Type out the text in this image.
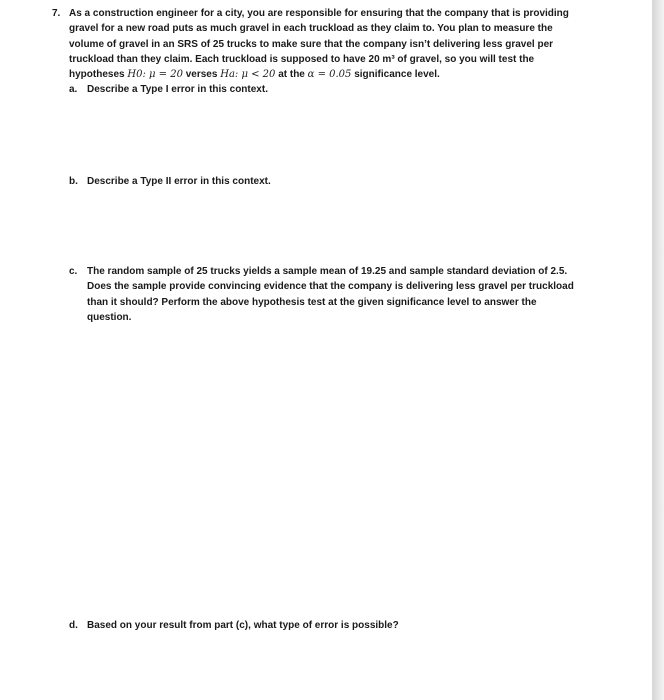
7. As a construction engineer for a city, you are responsible for ensuring that the company that is providing
gravel for a new road puts as much gravel in each truckload as they claim to. You plan to measure the
volume of gravel in an SRS of 25 trucks to make sure that the company isn’t delivering less gravel per
truckload than they claim. Each truckload is supposed to have 20 m³ of gravel, so you will test the
hypotheses H0: μ = 20 verses Ha: μ < 20 at the α = 0.05 significance level.
a. Describe a Type I error in this context.
b. Describe a Type II error in this context.
c. The random sample of 25 trucks yields a sample mean of 19.25 and sample standard deviation of 2.5.
Does the sample provide convincing evidence that the company is delivering less gravel per truckload
than it should? Perform the above hypothesis test at the given significance level to answer the
question.
d. Based on your result from part (c), what type of error is possible?
